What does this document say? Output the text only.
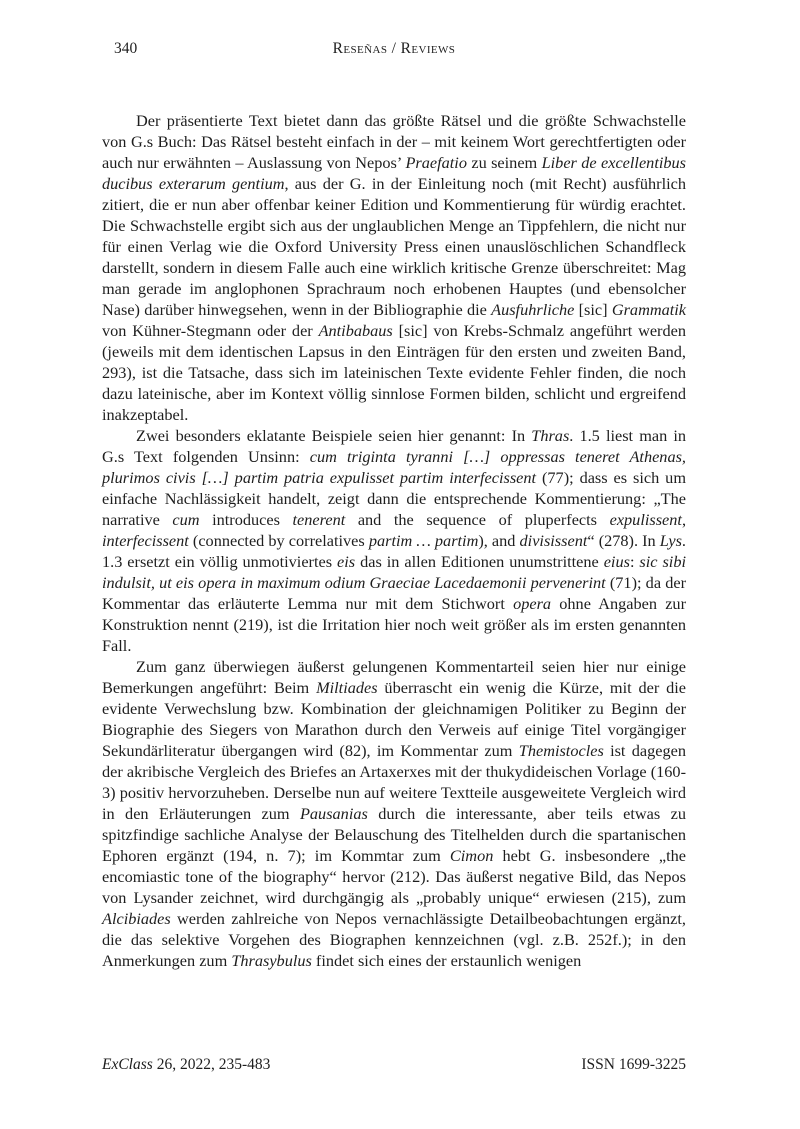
340	Reseñas / Reviews

Der präsentierte Text bietet dann das größte Rätsel und die größte Schwachstelle von G.s Buch: Das Rätsel besteht einfach in der – mit keinem Wort gerechtfertigten oder auch nur erwähnten – Auslassung von Nepos’ Praefatio zu seinem Liber de excellentibus ducibus exterarum gentium, aus der G. in der Einleitung noch (mit Recht) ausführlich zitiert, die er nun aber offenbar keiner Edition und Kommentierung für würdig erachtet. Die Schwachstelle ergibt sich aus der unglaublichen Menge an Tippfehlern, die nicht nur für einen Verlag wie die Oxford University Press einen unauslöschlichen Schandfleck darstellt, sondern in diesem Falle auch eine wirklich kritische Grenze überschreitet: Mag man gerade im anglophonen Sprachraum noch erhobenen Hauptes (und ebensolcher Nase) darüber hinwegsehen, wenn in der Bibliographie die Ausfuhrliche [sic] Grammatik von Kühner-Stegmann oder der Antibabaus [sic] von Krebs-Schmalz angeführt werden (jeweils mit dem identischen Lapsus in den Einträgen für den ersten und zweiten Band, 293), ist die Tatsache, dass sich im lateinischen Texte evidente Fehler finden, die noch dazu lateinische, aber im Kontext völlig sinnlose Formen bilden, schlicht und ergreifend inakzeptabel.

Zwei besonders eklatante Beispiele seien hier genannt: In Thras. 1.5 liest man in G.s Text folgenden Unsinn: cum triginta tyranni […] oppressas teneret Athenas, plurimos civis […] partim patria expulisset partim interfecissent (77); dass es sich um einfache Nachlässigkeit handelt, zeigt dann die entsprechende Kommentierung: „The narrative cum introduces tenerent and the sequence of pluperfects expulissent, interfecissent (connected by correlatives partim … partim), and divisissent“ (278). In Lys. 1.3 ersetzt ein völlig unmotiviertes eis das in allen Editionen unumstrittene eius: sic sibi indulsit, ut eis opera in maximum odium Graeciae Lacedaemonii pervenerint (71); da der Kommentar das erläuterte Lemma nur mit dem Stichwort opera ohne Angaben zur Konstruktion nennt (219), ist die Irritation hier noch weit größer als im ersten genannten Fall.

Zum ganz überwiegen äußerst gelungenen Kommentarteil seien hier nur einige Bemerkungen angeführt: Beim Miltiades überrascht ein wenig die Kürze, mit der die evidente Verwechslung bzw. Kombination der gleichnamigen Politiker zu Beginn der Biographie des Siegers von Marathon durch den Verweis auf einige Titel vorgängiger Sekundärliteratur übergangen wird (82), im Kommentar zum Themistocles ist dagegen der akribische Vergleich des Briefes an Artaxerxes mit der thukydideischen Vorlage (160-3) positiv hervorzuheben. Derselbe nun auf weitere Textteile ausgeweitete Vergleich wird in den Erläuterungen zum Pausanias durch die interessante, aber teils etwas zu spitzfindige sachliche Analyse der Belauschung des Titelhelden durch die spartanischen Ephoren ergänzt (194, n. 7); im Kommtar zum Cimon hebt G. insbesondere „the encomiastic tone of the biography“ hervor (212). Das äußerst negative Bild, das Nepos von Lysander zeichnet, wird durchgängig als „probably unique“ erwiesen (215), zum Alcibiades werden zahlreiche von Nepos vernachlässigte Detailbeobachtungen ergänzt, die das selektive Vorgehen des Biographen kennzeichnen (vgl. z.B. 252f.); in den Anmerkungen zum Thrasybulus findet sich eines der erstaunlich wenigen

ExClass 26, 2022, 235-483	ISSN 1699-3225
